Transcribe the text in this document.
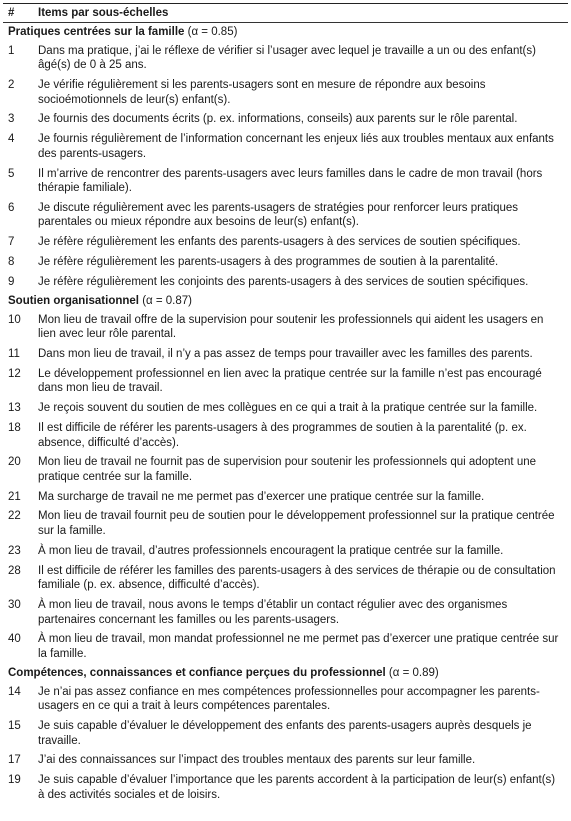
#	Items par sous-échelles
Pratiques centrées sur la famille (α = 0.85)
1	Dans ma pratique, j’ai le réflexe de vérifier si l’usager avec lequel je travaille a un ou des enfant(s) âgé(s) de 0 à 25 ans.
2	Je vérifie régulièrement si les parents-usagers sont en mesure de répondre aux besoins socioémotionnels de leur(s) enfant(s).
3	Je fournis des documents écrits (p. ex. informations, conseils) aux parents sur le rôle parental.
4	Je fournis régulièrement de l’information concernant les enjeux liés aux troubles mentaux aux enfants des parents-usagers.
5	Il m’arrive de rencontrer des parents-usagers avec leurs familles dans le cadre de mon travail (hors thérapie familiale).
6	Je discute régulièrement avec les parents-usagers de stratégies pour renforcer leurs pratiques parentales ou mieux répondre aux besoins de leur(s) enfant(s).
7	Je réfère régulièrement les enfants des parents-usagers à des services de soutien spécifiques.
8	Je réfère régulièrement les parents-usagers à des programmes de soutien à la parentalité.
9	Je réfère régulièrement les conjoints des parents-usagers à des services de soutien spécifiques.
Soutien organisationnel (α = 0.87)
10	Mon lieu de travail offre de la supervision pour soutenir les professionnels qui aident les usagers en lien avec leur rôle parental.
11	Dans mon lieu de travail, il n’y a pas assez de temps pour travailler avec les familles des parents.
12	Le développement professionnel en lien avec la pratique centrée sur la famille n’est pas encouragé dans mon lieu de travail.
13	Je reçois souvent du soutien de mes collègues en ce qui a trait à la pratique centrée sur la famille.
18	Il est difficile de référer les parents-usagers à des programmes de soutien à la parentalité (p. ex. absence, difficulté d’accès).
20	Mon lieu de travail ne fournit pas de supervision pour soutenir les professionnels qui adoptent une pratique centrée sur la famille.
21	Ma surcharge de travail ne me permet pas d’exercer une pratique centrée sur la famille.
22	Mon lieu de travail fournit peu de soutien pour le développement professionnel sur la pratique centrée sur la famille.
23	À mon lieu de travail, d’autres professionnels encouragent la pratique centrée sur la famille.
28	Il est difficile de référer les familles des parents-usagers à des services de thérapie ou de consultation familiale (p. ex. absence, difficulté d’accès).
30	À mon lieu de travail, nous avons le temps d’établir un contact régulier avec des organismes partenaires concernant les familles ou les parents-usagers.
40	À mon lieu de travail, mon mandat professionnel ne me permet pas d’exercer une pratique centrée sur la famille.
Compétences, connaissances et confiance perçues du professionnel (α = 0.89)
14	Je n’ai pas assez confiance en mes compétences professionnelles pour accompagner les parents-usagers en ce qui a trait à leurs compétences parentales.
15	Je suis capable d’évaluer le développement des enfants des parents-usagers auprès desquels je travaille.
17	J’ai des connaissances sur l’impact des troubles mentaux des parents sur leur famille.
19	Je suis capable d’évaluer l’importance que les parents accordent à la participation de leur(s) enfant(s) à des activités sociales et de loisirs.
